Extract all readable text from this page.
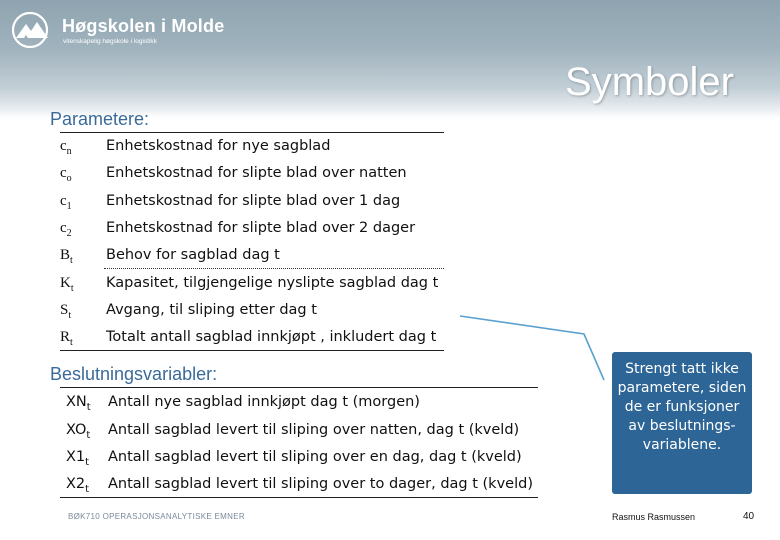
Høgskolen i Molde
vitenskapelig høgskole i logistikk
Symboler
Parametere:
$c_n$ Enhetskostnad for nye sagblad
$c_o$ Enhetskostnad for slipte blad over natten
$c_1$ Enhetskostnad for slipte blad over 1 dag
$c_2$ Enhetskostnad for slipte blad over 2 dager
$B_t$ Behov for sagblad dag t
$K_t$ Kapasitet, tilgjengelige nyslipte sagblad dag t
$S_t$ Avgang, til sliping etter dag t
$R_t$ Totalt antall sagblad innkjøpt , inkludert dag t
Beslutningsvariabler:
$XN_t$ Antall nye sagblad innkjøpt dag t (morgen)
$XO_t$ Antall sagblad levert til sliping over natten, dag t (kveld)
$X1_t$ Antall sagblad levert til sliping over en dag, dag t (kveld)
$X2_t$ Antall sagblad levert til sliping over to dager, dag t (kveld)
Strengt tatt ikke parametere, siden de er funksjoner av beslutnings-variablene.
BØK710 OPERASJONSANALYTISKE EMNER	Rasmus Rasmussen	40
